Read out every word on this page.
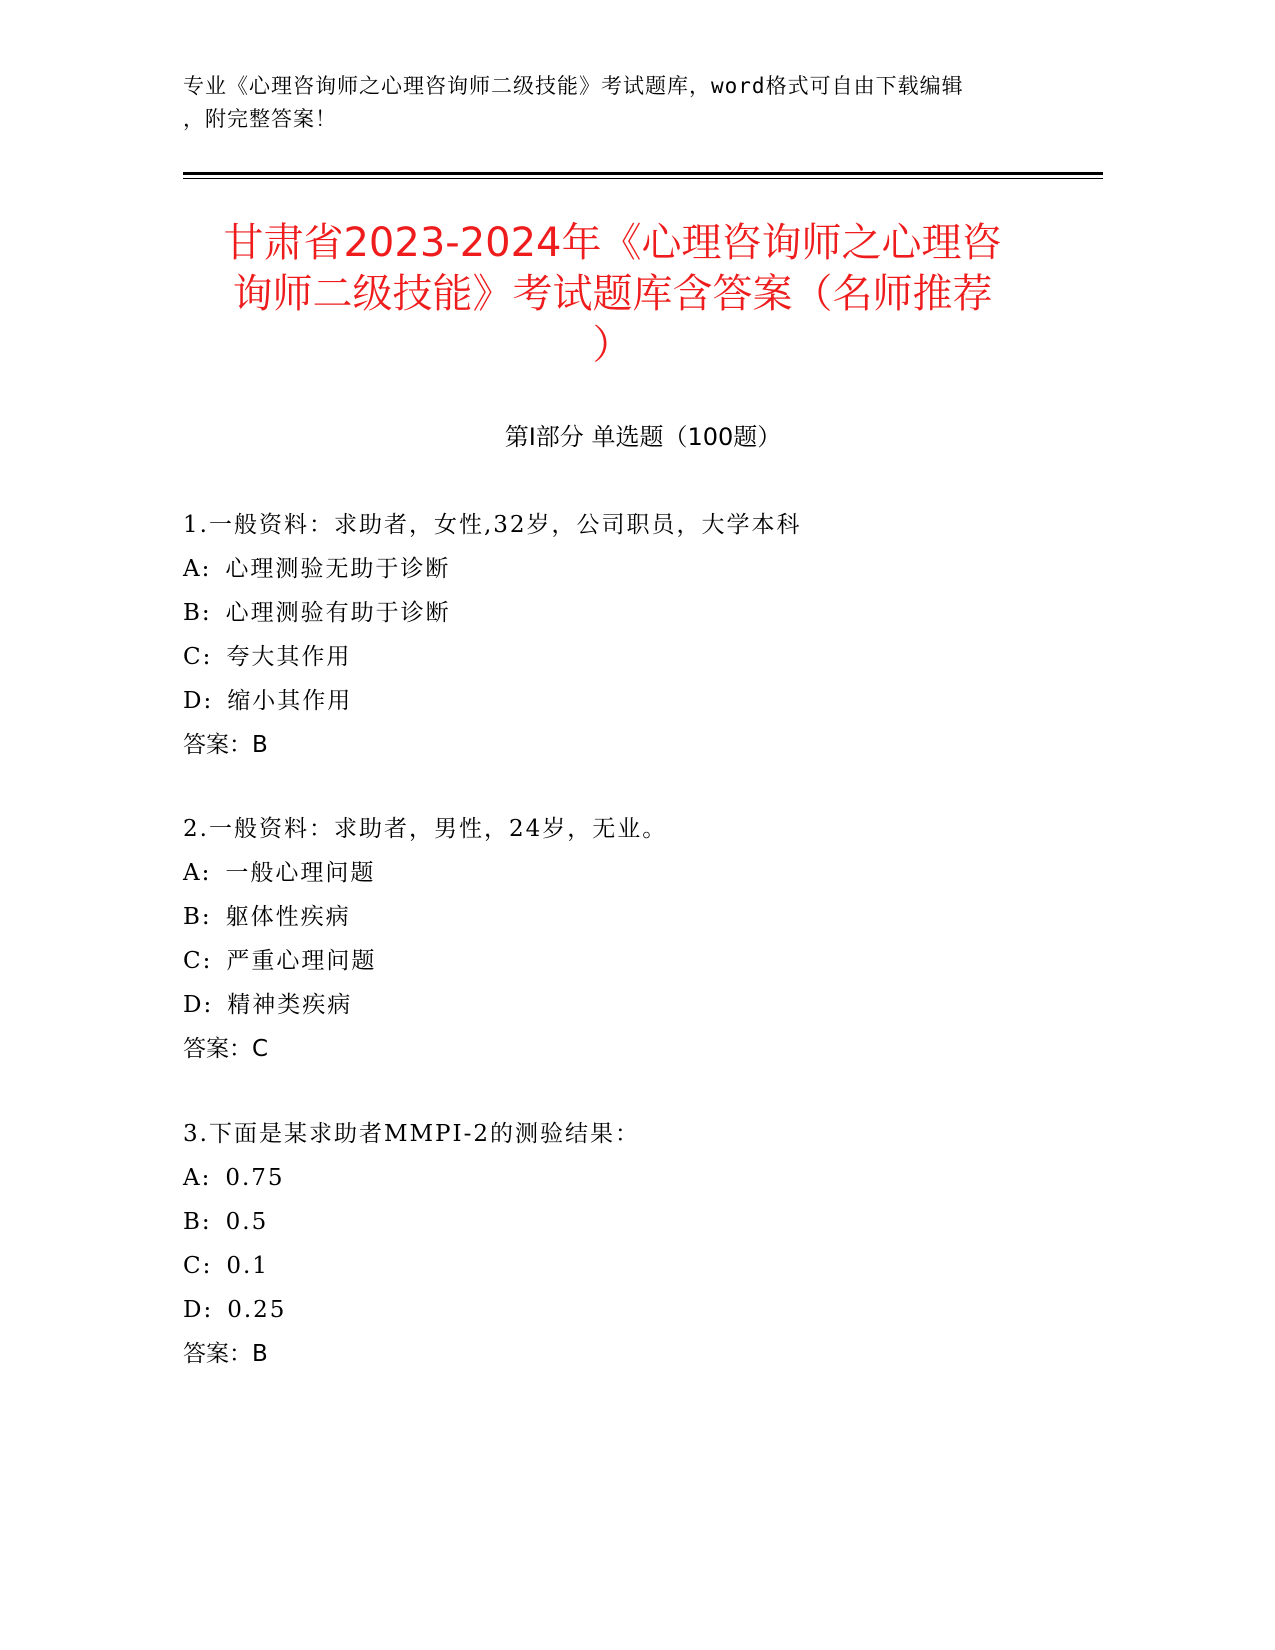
专业《心理咨询师之心理咨询师二级技能》考试题库，word格式可自由下载编辑
，附完整答案！
甘肃省2023-2024年《心理咨询师之心理咨
询师二级技能》考试题库含答案（名师推荐
）
第I部分 单选题（100题）
1.一般资料：求助者，女性,32岁，公司职员，大学本科
A: 心理测验无助于诊断
B: 心理测验有助于诊断
C: 夸大其作用
D: 缩小其作用
答案：B
2.一般资料：求助者，男性，24岁，无业。
A: 一般心理问题
B: 躯体性疾病
C: 严重心理问题
D: 精神类疾病
答案：C
3.下面是某求助者MMPI-2的测验结果：
A: 0.75
B: 0.5
C: 0.1
D: 0.25
答案：B
